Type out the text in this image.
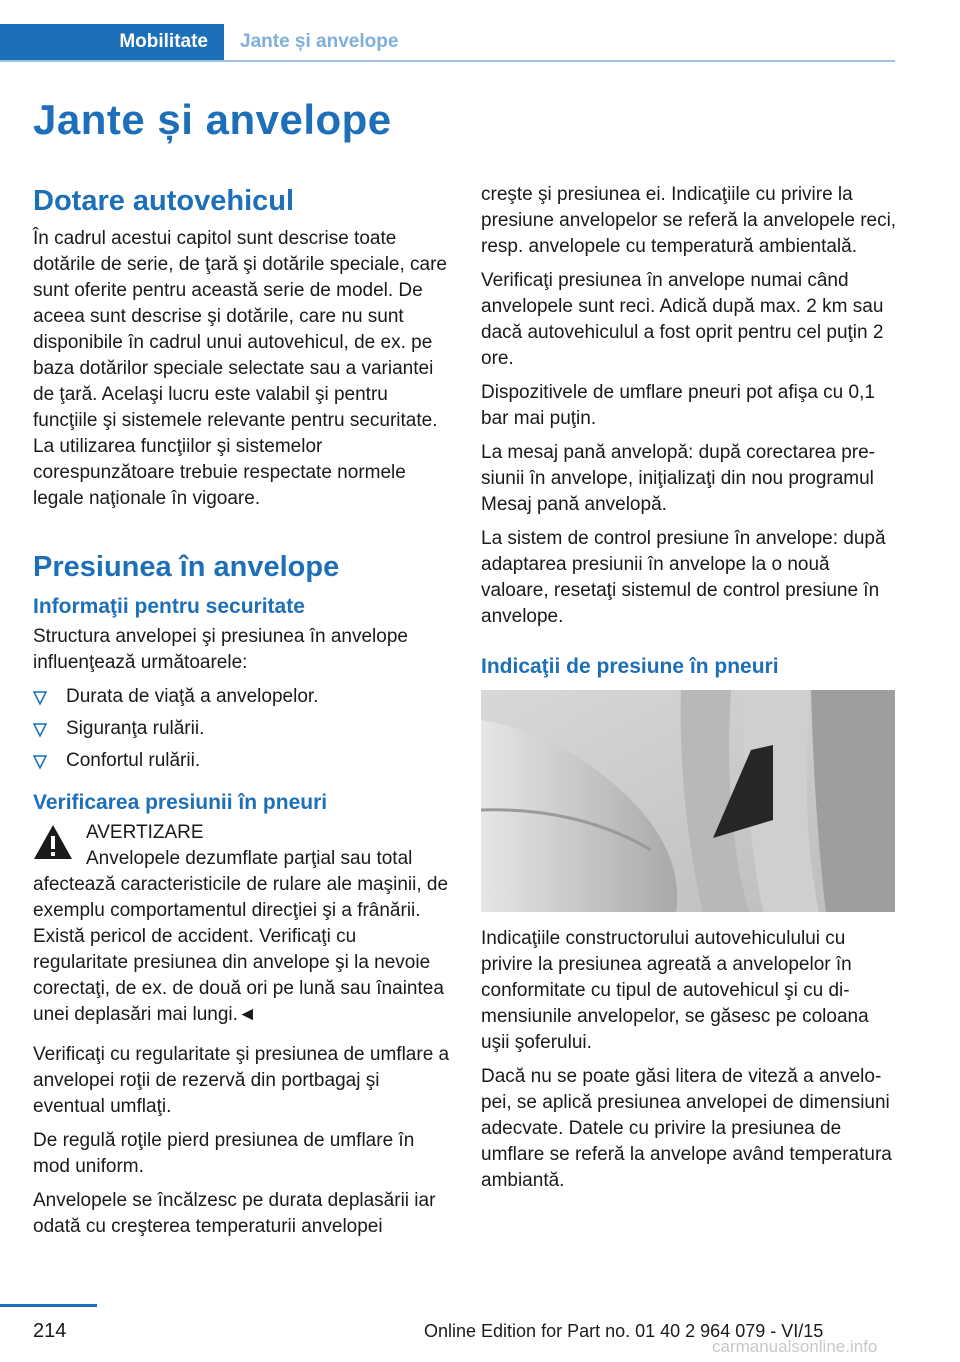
Mobilitate	Jante și anvelope
Jante și anvelope
Dotare autovehicul

În cadrul acestui capitol sunt descrise toate dotările de serie, de ţară şi dotările speciale, care sunt oferite pentru această serie de model. De aceea sunt descrise şi dotările, care nu sunt disponibile în cadrul unui autovehicul, de ex. pe baza dotărilor speciale selectate sau a variantei de ţară. Acelaşi lucru este valabil şi pentru funcţiile şi sistemele relevante pentru securitate. La utilizarea funcţiilor şi sistemelor corespunzătoare trebuie respectate normele legale naţionale în vigoare.

Presiunea în anvelope
Informaţii pentru securitate

Structura anvelopei şi presiunea în anvelope influenţează următoarele:

Durata de viaţă a anvelopelor.
Siguranţa rulării.
Confortul rulării.
Verificarea presiunii în pneuri

AVERTIZARE

Anvelopele dezumflate parţial sau total afectează caracteristicile de rulare ale maşinii, de exemplu comportamentul direcţiei şi a frânării. Există pericol de accident. Verificaţi cu regularitate presiunea din anvelope şi la nevoie corectaţi, de ex. de două ori pe lună sau înaintea unei deplasări mai lungi.◄

Verificaţi cu regularitate şi presiunea de umflare a anvelopei roţii de rezervă din portbagaj şi eventual umflaţi.

De regulă roţile pierd presiunea de umflare în mod uniform.

Anvelopele se încălzesc pe durata deplasării iar odată cu creşterea temperaturii anvelopei

creşte şi presiunea ei. Indicaţiile cu privire la presiune anvelopelor se referă la anvelopele reci, resp. anvelopele cu temperatură ambientală.

Verificaţi presiunea în anvelope numai când anvelopele sunt reci. Adică după max. 2 km sau dacă autovehiculul a fost oprit pentru cel puţin 2 ore.

Dispozitivele de umflare pneuri pot afişa cu 0,1 bar mai puţin.

La mesaj pană anvelopă: după corectarea presiunii în anvelope, iniţializaţi din nou programul Mesaj pană anvelopă.

La sistem de control presiune în anvelope: după adaptarea presiunii în anvelope la o nouă valoare, resetaţi sistemul de control presiune în anvelope.

Indicaţii de presiune în pneuri

Indicaţiile constructorului autovehiculului cu privire la presiunea agreată a anvelopelor în conformitate cu tipul de autovehicul şi cu dimensiunile anvelopelor, se găsesc pe coloana uşii şoferului.

Dacă nu se poate găsi litera de viteză a anvelopei, se aplică presiunea anvelopei de dimensiuni adecvate. Datele cu privire la presiunea de umflare se referă la anvelope având temperatura ambiantă.

214	Online Edition for Part no. 01 40 2 964 079 - VI/15
carmanualsonline.info
